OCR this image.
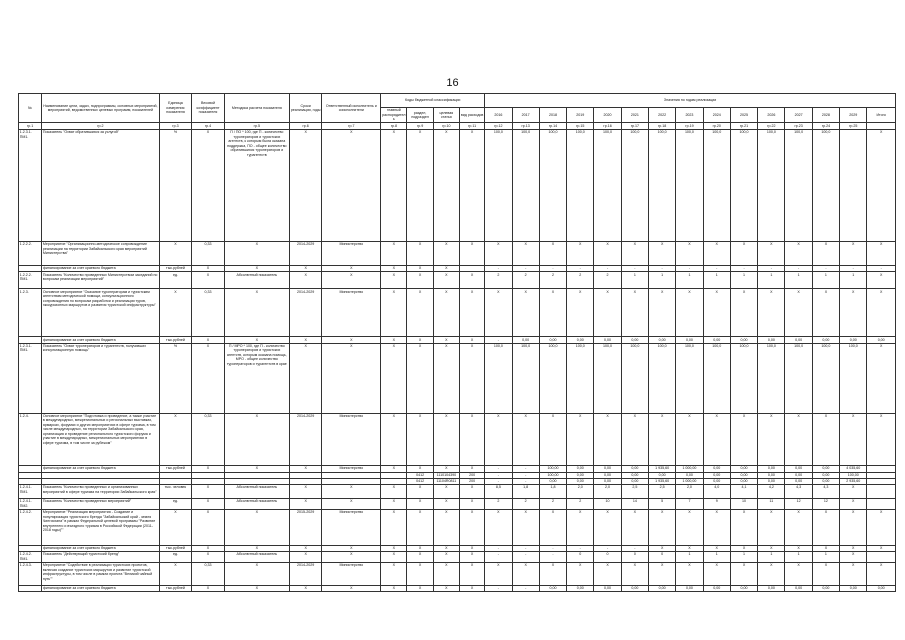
16
№	Наименование цели, задач, подпрограммы, основных мероприятий, мероприятий, ведомственных целевых программ, показателей	Единица измерения показателя	Весовой коэффициент показателя	Методика расчета показателя	Сроки реализации, годы	Ответственный исполнитель и соисполнители	Коды бюджетной классификации				Значения по годам реализации														
							главный распорядитель	раздел, подраздел	целевая статья	вид расходов	2016	2017	2018	2019	2020	2021	2022	2023	2024	2025	2026	2027	2028	2029	Итого
гр.1	гр.2	гр.3	гр.4	гр.5	гр.6	гр.7	гр.8	гр.9	гр.10	гр.11	гр.12	гр.13	гр.14	гр.15	гр.16	гр.17	гр.18	гр.19	гр.20	гр.21	гр.22	гр.23	гр.24	гр.25	
1.2.3.1. ПМ1.	Показатель "Охват обратившихся за услугой"	%	X	П / ПО * 100, где П - количество туроператоров и туристских агентств, к которым была оказана поддержка, ПО - общее количество обратившихся туроператоров и турагентств	X	X	X	X	X	X	100,0	100,0	100,0	100,0	100,0	100,0	100,0	100,0	100,0	100,0	100,0	100,0	100,0		X
1.2.2.2.	Мероприятие "Организационно-методическое сопровождение реализации на территории Забайкальского края мероприятий Министерства"	X	0,33	X	2014-2029	Министерство	X	X	X	X	X	X	X	X	X	X	X	X	X	X	X	X	X	X	X
	финансирование за счет краевого бюджета	тыс.рублей	X	X	X	X	X	X	X		-	-	-	-	-	-	-	-	-	-	-	-	-	-	-
1.2.2.2. ПМ1.	Показатель "Количество проведенных Министерством заседаний по вопросам реализации мероприятий"	ед.	X	Абсолютный показатель	X	X	X	X	X	X	2	2	2	2	2	1	1	1	1	1	1	1	1	1	X
1.2.3.	Основное мероприятие "Оказание туроператорам и туристским агентствам методической помощи, консультационного сопровождения по вопросам разработки и реализации туров, экскурсионных маршрутов и развития туристской инфраструктуры"	X	0,33	X	2014-2029	Министерство	X	X	X	X	X	X	X	X	X	X	X	X	X	X	X	X	X	X	X
	финансирование за счет краевого бюджета	тыс.рублей	X	X	X	X	X	X	X	X	-	0,00	0,00	0,00	0,00	0,00	0,00	0,00	0,00	0,00	0,00	0,00	0,00	0,00	0,00
1.2.3.1. ПМ1.	Показатель "Охват туроператоров и турагентств, получивших консультационную помощь"	%	X	П / МРО * 100, где П - количество туроператоров и туристских агентств, которым оказана помощь, МРО - общее количество туроператоров и турагентств в крае	X	X	X	X	X	X	100,0	100,0	100,0	100,0	100,0	100,0	100,0	100,0	100,0	100,0	100,0	100,0	100,0	100,0	X
1.2.4.	Основное мероприятие "Подготовка и проведение, а также участие в международных, межрегиональных и региональных выставках, ярмарках, форумах и других мероприятиях в сфере туризма, в том числе международных, на территории Забайкальского края, организация и проведение регионального туристского форума и участие в международных, межрегиональных мероприятиях в сфере туризма, в том числе за рубежом"	X	0,33	X	2014-2029	Министерство	X	X	X	X	X	X	X	X	X	X	X	X	X	X	X	X	X	X	X
	финансирование за счет краевого бюджета	тыс.рублей	X	X	X	Министерство	X	X	X	X	-	-	100,00	0,00	0,00	0,00	1 935,60	1 000,00	0,00	0,00	0,00	0,00	0,00	4 035,60	
								0412	1110104390	200	-	-	100,00	0,00	0,00	0,00	0,00	0,00	0,00	0,00	0,00	0,00	0,00	100,00	
								0412	11104R0811	200	-	-	0,00	0,00	0,00	0,00	1 935,60	1 000,00	0,00	0,00	0,00	0,00	0,00	2 935,60	
1.2.4.1. ПМ1.	Показатель "Количество проведенных и организованных мероприятий в сфере туризма на территории Забайкальского края"	тыс. человек	X	Абсолютный показатель	X	X	X	X	X	X	8,5	1,8	1,8	2,0	2,0	2,5	2,5	2,0	4,0	4,1	4,2	4,3	4,3	X	
1.2.4.1. ПМ2.	Показатель "Количество проведенных мероприятий"	ед.	X	Абсолютный показатель	X	X	X	X	X	X	2	2	2	2	10	14	5	7	9	10	11	12	12	X	
1.2.4.2.	Мероприятие "Реализация мероприятия - Создание и популяризация туристского бренда "Забайкальский край - земля Чингисхана" в рамках Федеральной целевой программы "Развитие внутреннего и въездного туризма в Российской Федерации (2011-2018 годы)""	X	X	X	2015-2029	Министерство	X	X	X	X	X	X	X	X	X	X	X	X	X	X	X	X	X	X	X
	финансирование за счет краевого бюджета	тыс.рублей	X	X	X	X	X	X	X	X	-	-	-	-	-	-	X	X	X	X	X	X	X	X	X
1.2.4.2. ПМ1.	Показатель "Действующий туристский бренд"	ед.	X	Абсолютный показатель	X	X	X	X	X	X	-	-	-	0	0	0	0	1	1	1	1	1	1	X	
1.2.4.3.	Мероприятие "Содействие в реализации туристских проектов, включая создание туристских маршрутов и развитие туристской инфраструктуры, в том числе в рамках проекта "Великий чайный путь""	X	0,33	X	2014-2029	Министерство	X	X	X	X	X	X	X	X	X	X	X	X	X	X	X	X	X	X	X
	финансирование за счет краевого бюджета	тыс.рублей	X	X	X	X	X	X	X	X	-	-	0,00	0,00	0,00	0,00	0,00	0,00	0,00	0,00	0,00	0,00	0,00	0,00	0,00
